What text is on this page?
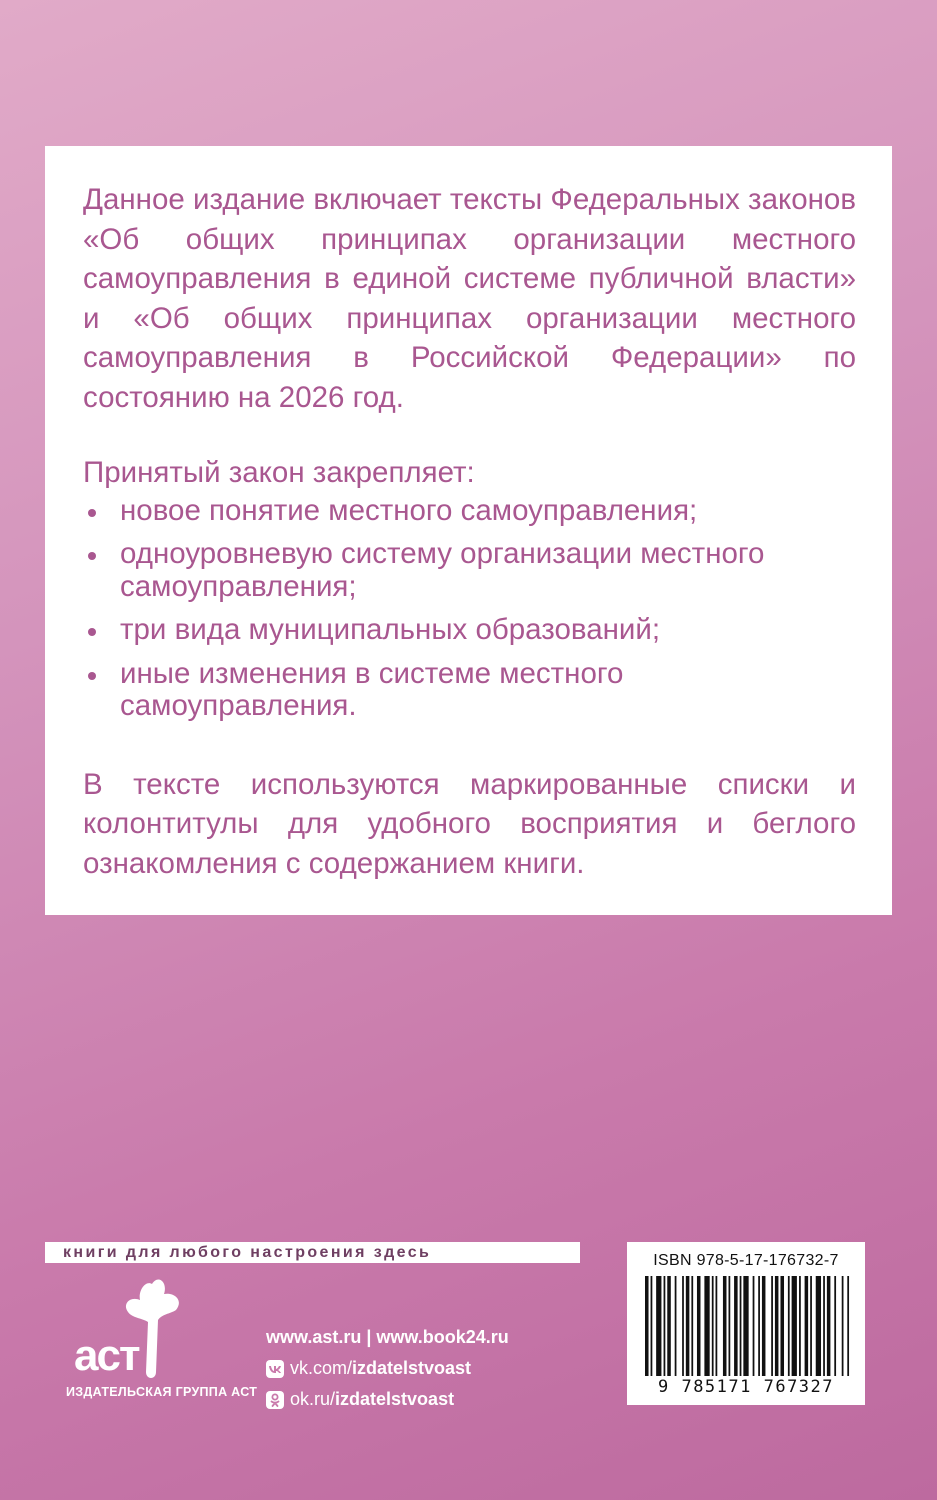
Данное издание включает тексты Федеральных законов «Об общих принципах организации местного самоуправления в единой системе публичной власти» и «Об общих принципах организации местного самоуправления в Российской Федерации» по состоянию на 2026 год.

Принятый закон закрепляет:
новое понятие местного самоуправления;
одноуровневую систему организации местного самоуправления;
три вида муниципальных образований;
иные изменения в системе местного самоуправления.

В тексте используются маркированные списки и колонтитулы для удобного восприятия и беглого ознакомления с содержанием книги.

книги для любого настроения здесь
аст
ИЗДАТЕЛЬСКАЯ ГРУППА АСТ
www.ast.ru | www.book24.ru
vk.com/ izdatelstvoast
ok.ru/ izdatelstvoast
ISBN 978-5-17-176732-7
9 785171 767327
